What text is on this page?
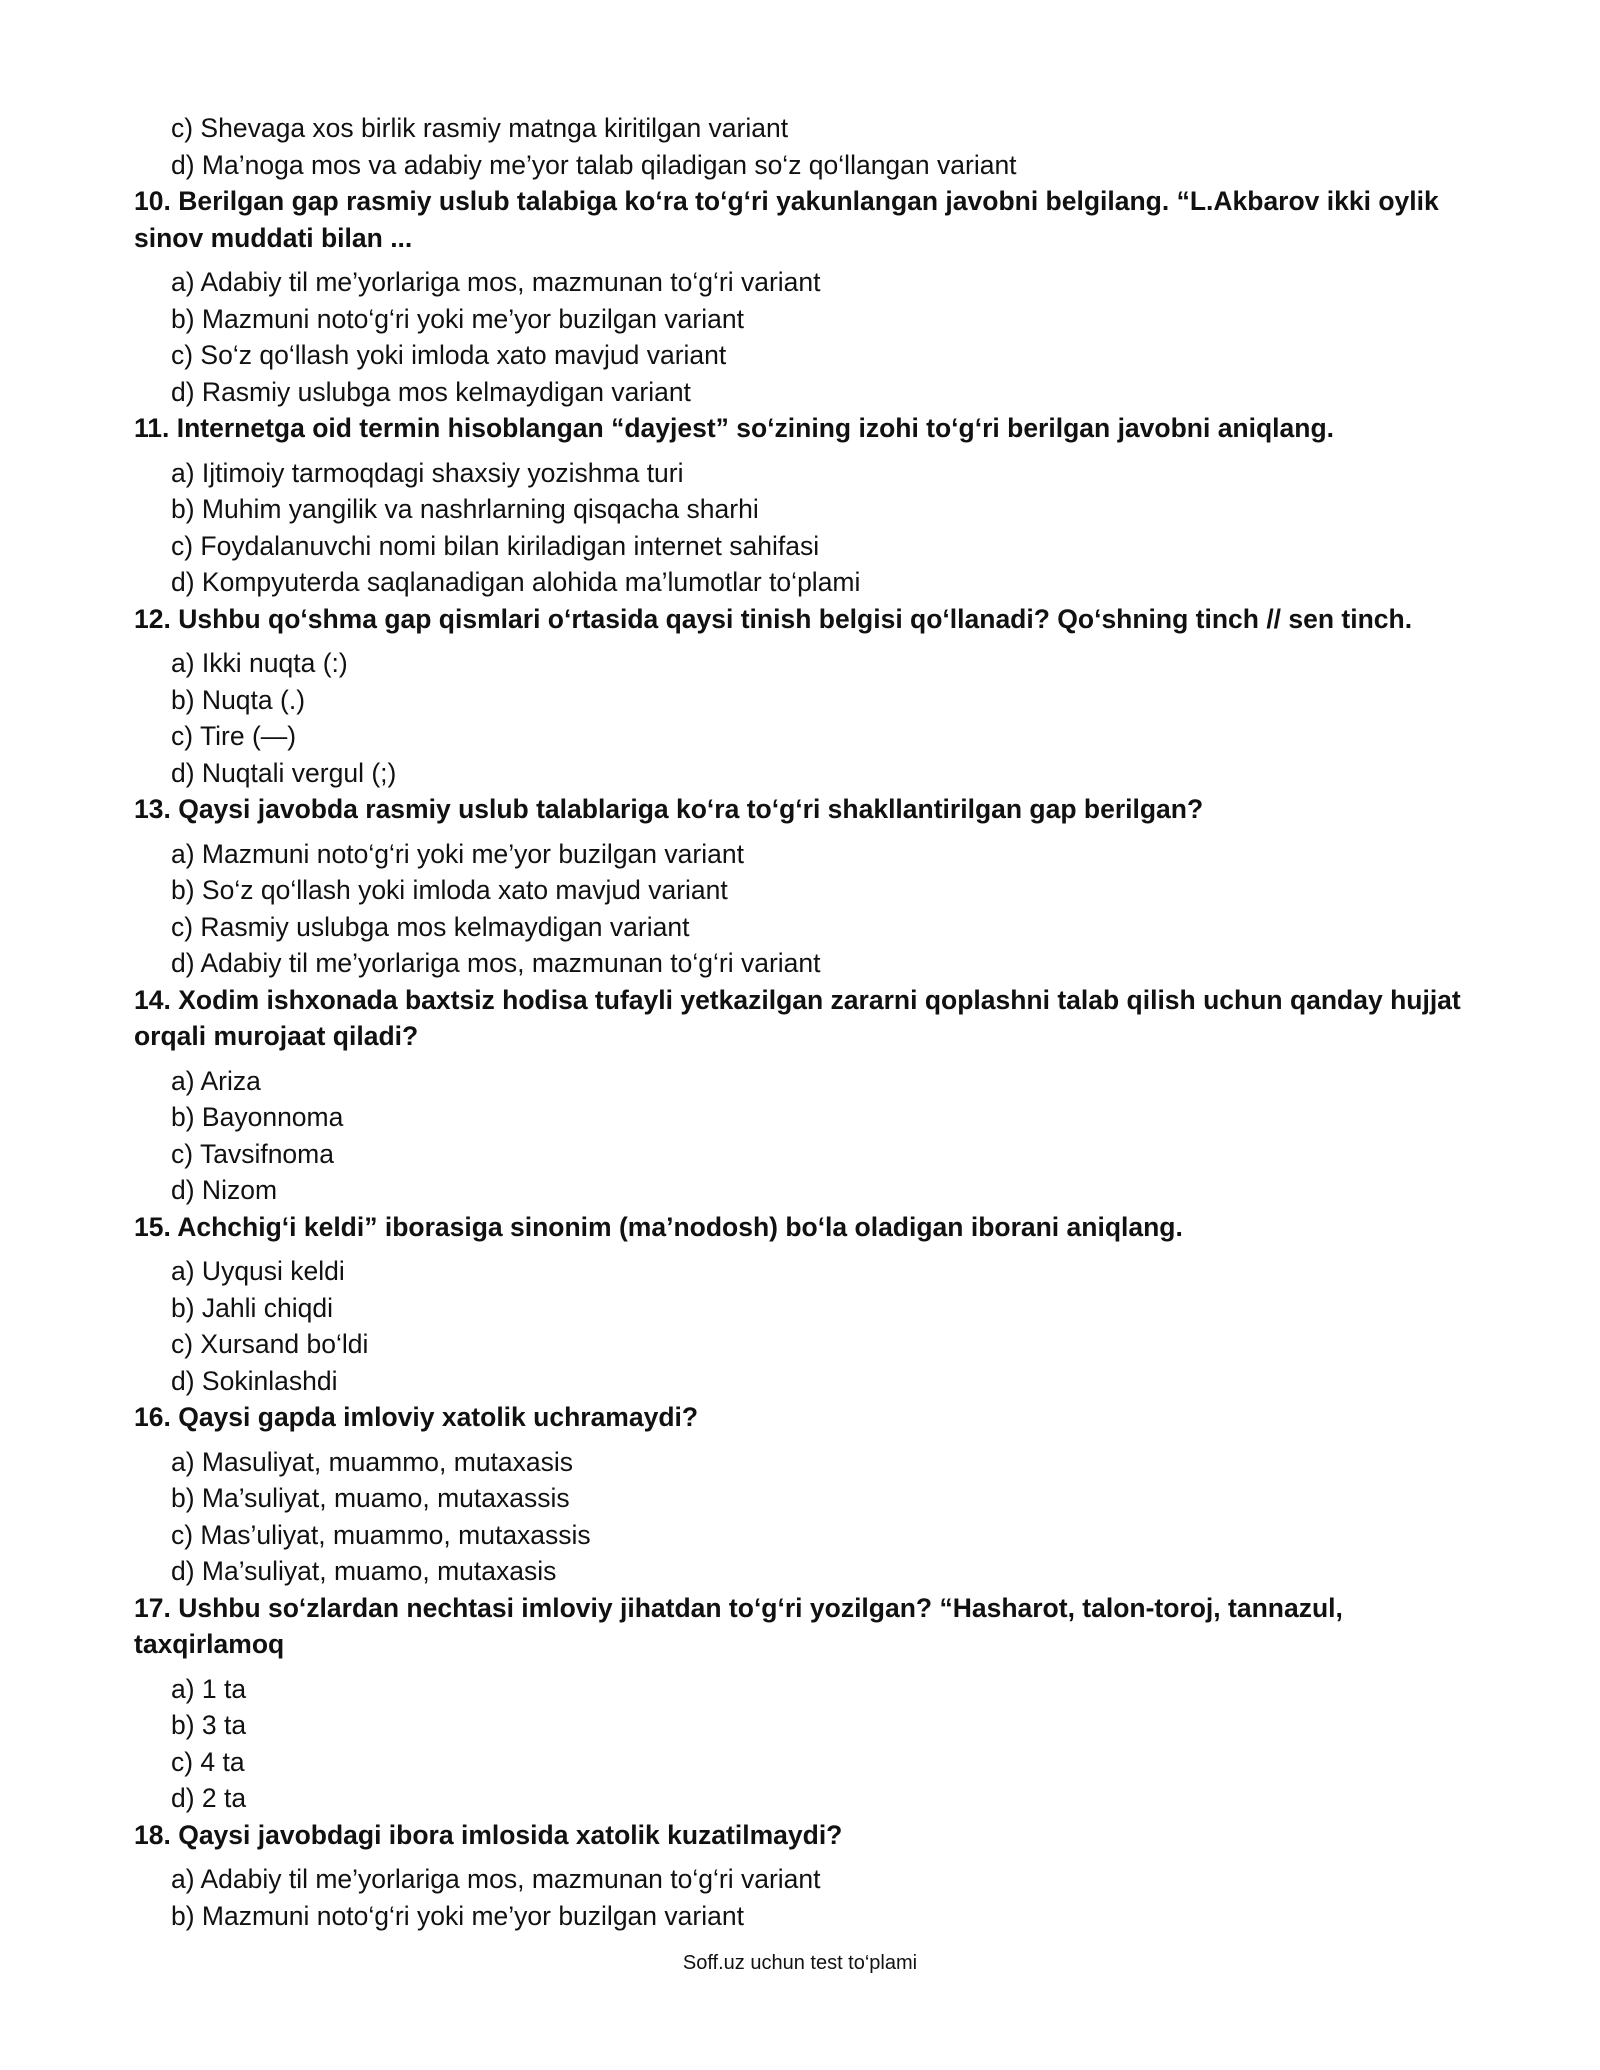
c) Shevaga xos birlik rasmiy matnga kiritilgan variant
d) Ma’noga mos va adabiy me’yor talab qiladigan so‘z qo‘llangan variant
10. Berilgan gap rasmiy uslub talabiga ko‘ra to‘g‘ri yakunlangan javobni belgilang. “L.Akbarov ikki oylik sinov muddati bilan ...
a) Adabiy til me’yorlariga mos, mazmunan to‘g‘ri variant
b) Mazmuni noto‘g‘ri yoki me’yor buzilgan variant
c) So‘z qo‘llash yoki imloda xato mavjud variant
d) Rasmiy uslubga mos kelmaydigan variant
11. Internetga oid termin hisoblangan “dayjest” so‘zining izohi to‘g‘ri berilgan javobni aniqlang.
a) Ijtimoiy tarmoqdagi shaxsiy yozishma turi
b) Muhim yangilik va nashrlarning qisqacha sharhi
c) Foydalanuvchi nomi bilan kiriladigan internet sahifasi
d) Kompyuterda saqlanadigan alohida ma’lumotlar to‘plami
12. Ushbu qo‘shma gap qismlari o‘rtasida qaysi tinish belgisi qo‘llanadi? Qo‘shning tinch // sen tinch.
a) Ikki nuqta (:)
b) Nuqta (.)
c) Tire (—)
d) Nuqtali vergul (;)
13. Qaysi javobda rasmiy uslub talablariga ko‘ra to‘g‘ri shakllantirilgan gap berilgan?
a) Mazmuni noto‘g‘ri yoki me’yor buzilgan variant
b) So‘z qo‘llash yoki imloda xato mavjud variant
c) Rasmiy uslubga mos kelmaydigan variant
d) Adabiy til me’yorlariga mos, mazmunan to‘g‘ri variant
14. Xodim ishxonada baxtsiz hodisa tufayli yetkazilgan zararni qoplashni talab qilish uchun qanday hujjat orqali murojaat qiladi?
a) Ariza
b) Bayonnoma
c) Tavsifnoma
d) Nizom
15. Achchig‘i keldi” iborasiga sinonim (ma’nodosh) bo‘la oladigan iborani aniqlang.
a) Uyqusi keldi
b) Jahli chiqdi
c) Xursand bo‘ldi
d) Sokinlashdi
16. Qaysi gapda imloviy xatolik uchramaydi?
a) Masuliyat, muammo, mutaxasis
b) Ma’suliyat, muamo, mutaxassis
c) Mas’uliyat, muammo, mutaxassis
d) Ma’suliyat, muamo, mutaxasis
17. Ushbu so‘zlardan nechtasi imloviy jihatdan to‘g‘ri yozilgan? “Hasharot, talon-toroj, tannazul, taxqirlamoq
a) 1 ta
b) 3 ta
c) 4 ta
d) 2 ta
18. Qaysi javobdagi ibora imlosida xatolik kuzatilmaydi?
a) Adabiy til me’yorlariga mos, mazmunan to‘g‘ri variant
b) Mazmuni noto‘g‘ri yoki me’yor buzilgan variant
Soff.uz uchun test to‘plami
